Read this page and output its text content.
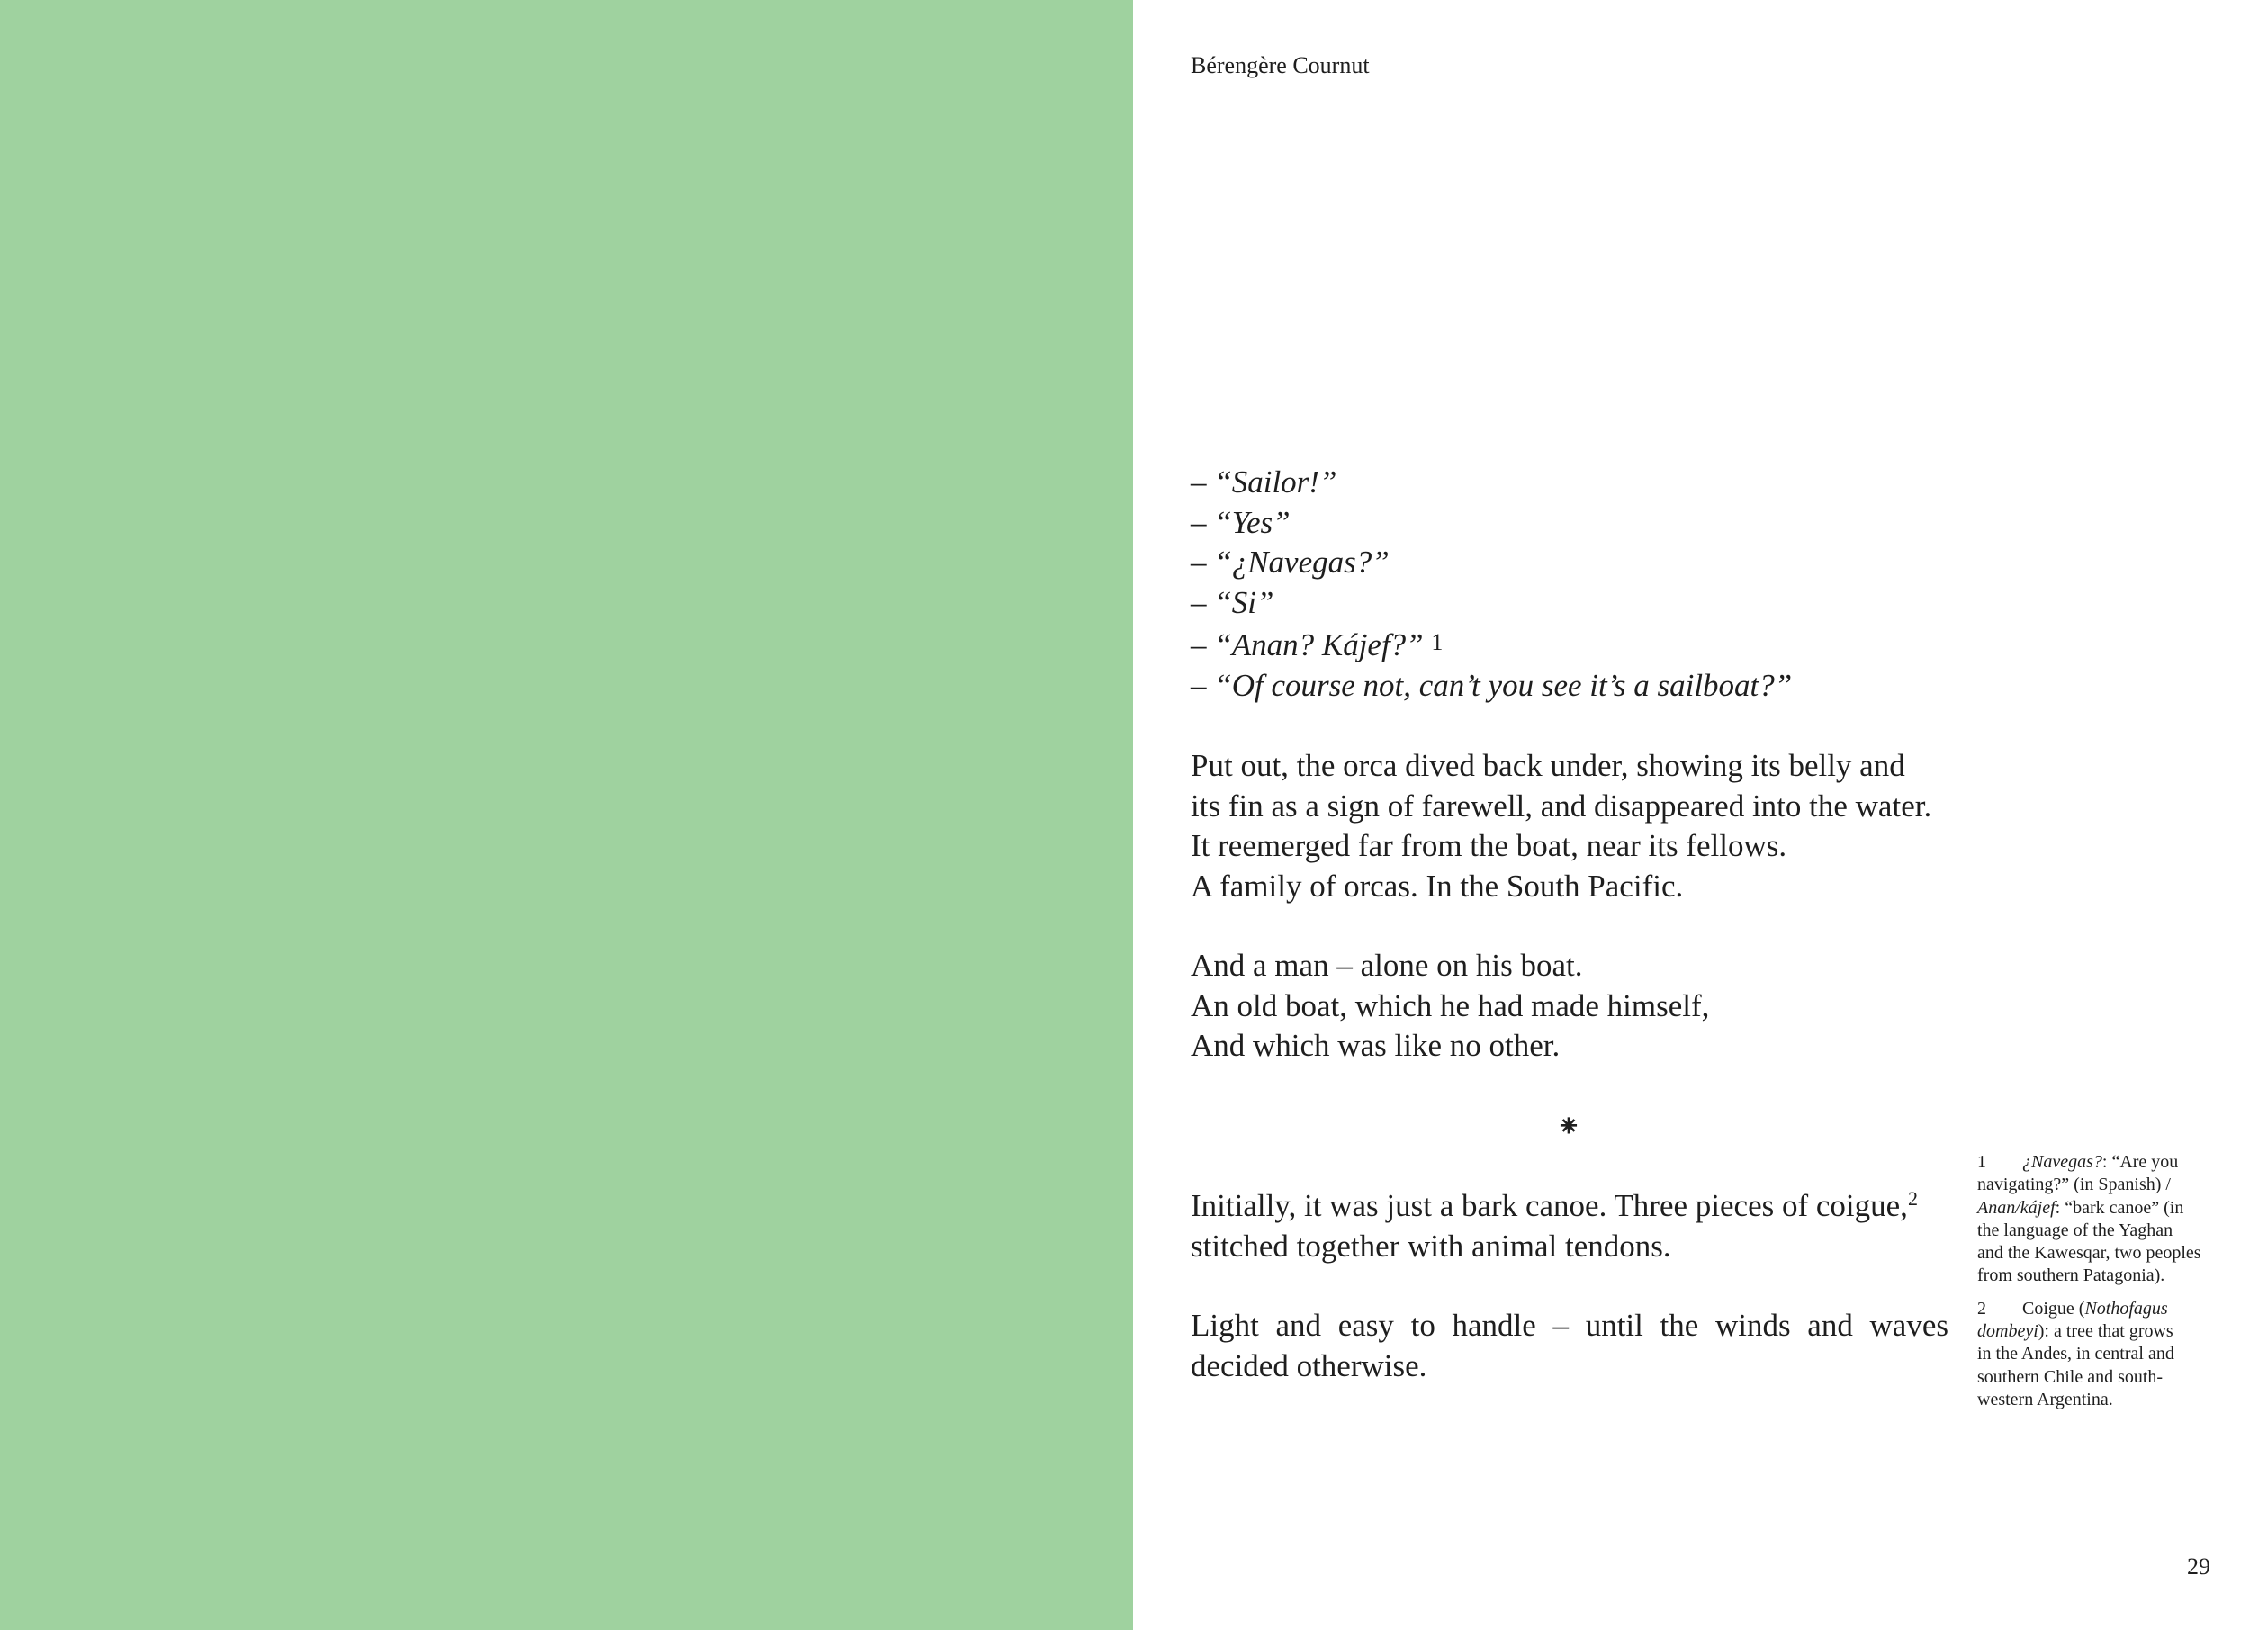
Bérengère Cournut
– “Sailor!”
– “Yes”
– “¿Navegas?”
– “Si”
– “Anan? Kájef?” 1
– “Of course not, can’t you see it’s a sailboat?”
Put out, the orca dived back under, showing its belly and
its fin as a sign of farewell, and disappeared into the water.
It reemerged far from the boat, near its fellows.
A family of orcas. In the South Pacific.
And a man – alone on his boat.
An old boat, which he had made himself,
And which was like no other.
⁕
Initially, it was just a bark canoe. Three pieces of coigue,$^2$ stitched together with animal tendons.
Light and easy to handle – until the winds and waves
decided otherwise.
1 ¿Navegas?: “Are you
navigating?” (in Spanish) /
Anan/kájef: “bark canoe” (in
the language of the Yaghan
and the Kawesqar, two peoples
from southern Patagonia).
2 Coigue (Nothofagus
dombeyi): a tree that grows
in the Andes, in central and
southern Chile and south-
western Argentina.
29
